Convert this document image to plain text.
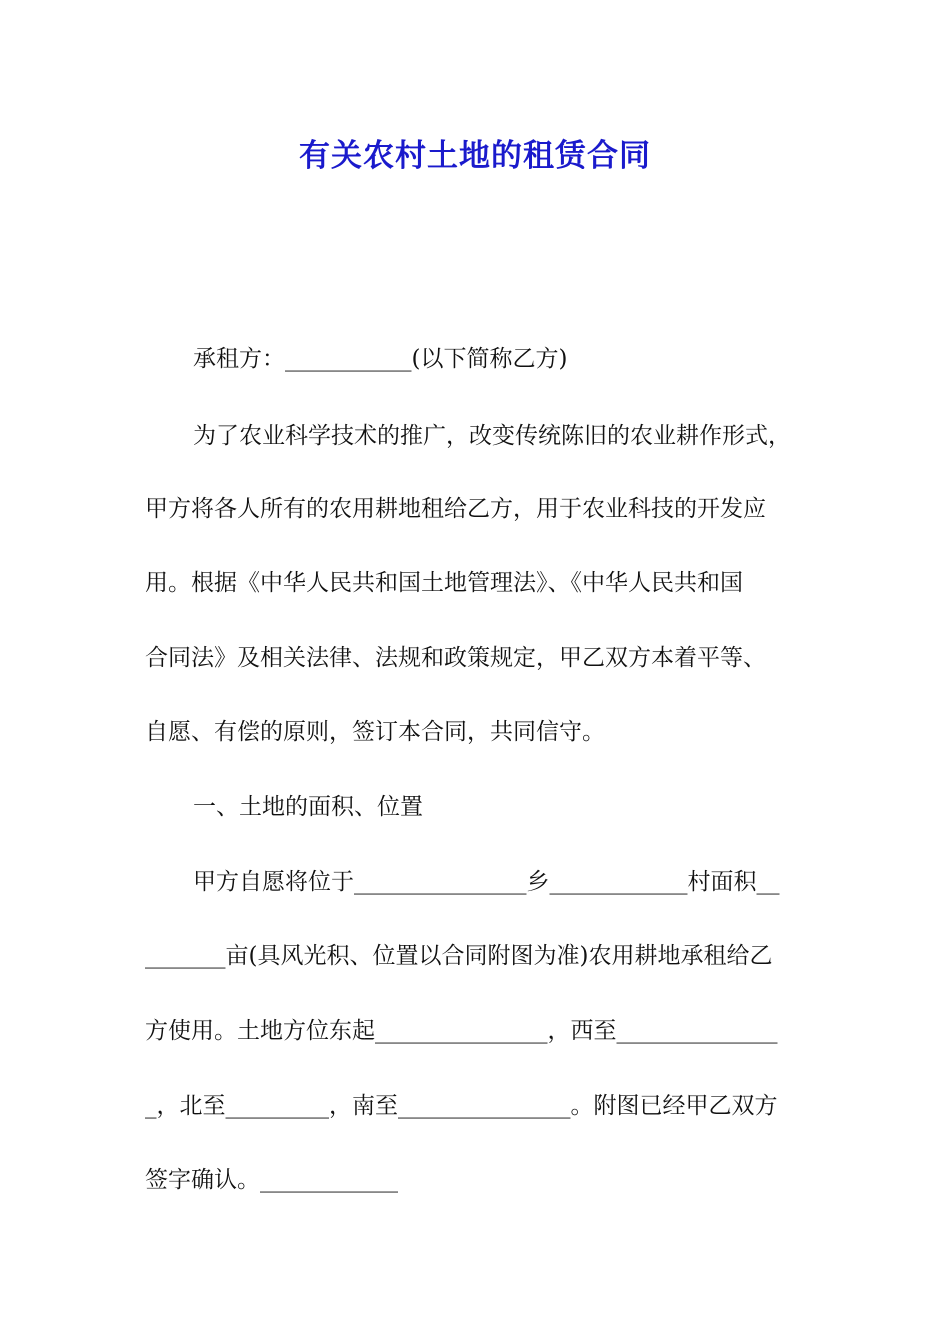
有关农村土地的租赁合同

承租方：___________(以下简称乙方)

为了农业科学技术的推广，改变传统陈旧的农业耕作形式，

甲方将各人所有的农用耕地租给乙方，用于农业科技的开发应

用。根据《中华人民共和国土地管理法》、《中华人民共和国

合同法》及相关法律、法规和政策规定，甲乙双方本着平等、

自愿、有偿的原则，签订本合同，共同信守。

一、土地的面积、位置

甲方自愿将位于_______________乡____________村面积__

_______亩(具风光积、位置以合同附图为准)农用耕地承租给乙

方使用。土地方位东起_______________，西至______________

_，北至_________，南至_______________。附图已经甲乙双方

签字确认。____________
